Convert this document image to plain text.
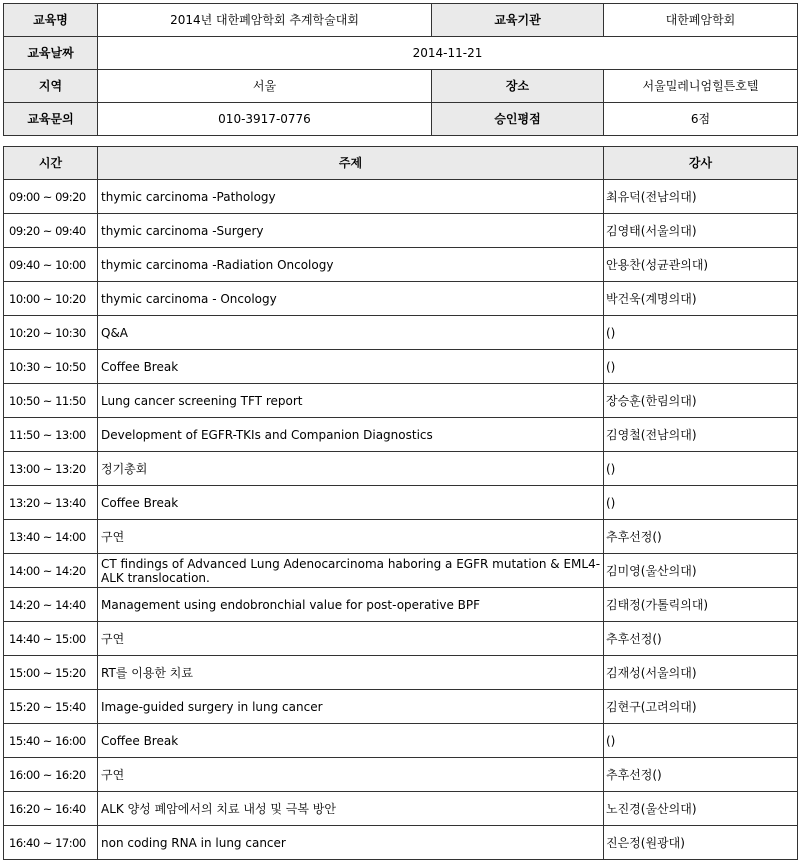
교육명	2014년 대한폐암학회 추계학술대회	교육기관	대한폐암학회
교육날짜	2014-11-21		
지역	서울	장소	서울밀레니엄힐튼호텔
교육문의	010-3917-0776	승인평점	6점
시간	주제	강사
09:00 ~ 09:20	thymic carcinoma -Pathology	최유덕(전남의대)
09:20 ~ 09:40	thymic carcinoma -Surgery	김영태(서울의대)
09:40 ~ 10:00	thymic carcinoma -Radiation Oncology	안용찬(성균관의대)
10:00 ~ 10:20	thymic carcinoma - Oncology	박건욱(계명의대)
10:20 ~ 10:30	Q&A	()
10:30 ~ 10:50	Coffee Break	()
10:50 ~ 11:50	Lung cancer screening TFT report	장승훈(한림의대)
11:50 ~ 13:00	Development of EGFR-TKIs and Companion Diagnostics	김영철(전남의대)
13:00 ~ 13:20	정기총회	()
13:20 ~ 13:40	Coffee Break	()
13:40 ~ 14:00	구연	추후선정()
14:00 ~ 14:20	CT findings of Advanced Lung Adenocarcinoma haboring a EGFR mutation & EML4-ALK translocation.	김미영(울산의대)
14:20 ~ 14:40	Management using endobronchial value for post-operative BPF	김태정(가톨릭의대)
14:40 ~ 15:00	구연	추후선정()
15:00 ~ 15:20	RT를 이용한 치료	김재성(서울의대)
15:20 ~ 15:40	Image-guided surgery in lung cancer	김현구(고려의대)
15:40 ~ 16:00	Coffee Break	()
16:00 ~ 16:20	구연	추후선정()
16:20 ~ 16:40	ALK 양성 폐암에서의 치료 내성 및 극복 방안	노진경(울산의대)
16:40 ~ 17:00	non coding RNA in lung cancer	진은정(원광대)
